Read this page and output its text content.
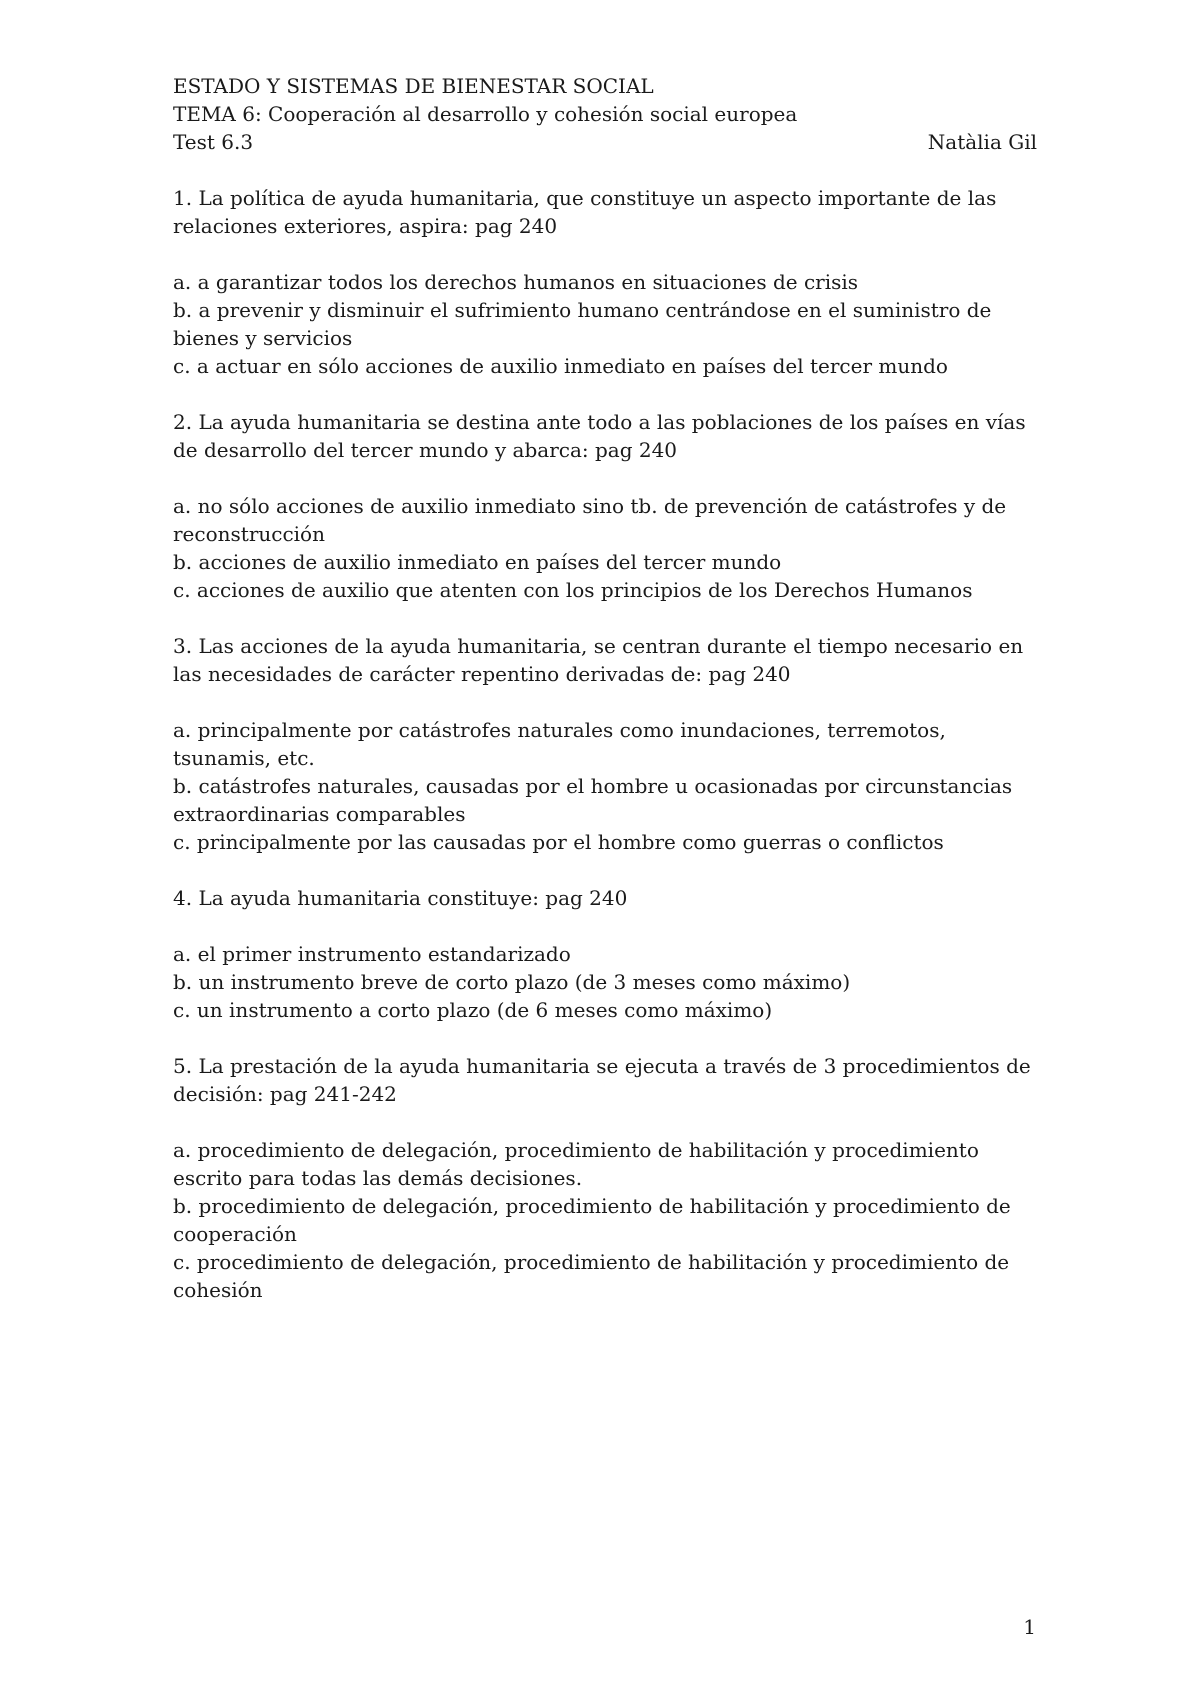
ESTADO Y SISTEMAS DE BIENESTAR SOCIAL

TEMA 6: Cooperación al desarrollo y cohesión social europea

Test 6.3	Natàlia Gil

1. La política de ayuda humanitaria, que constituye un aspecto importante de las relaciones exteriores, aspira: pag 240

a. a garantizar todos los derechos humanos en situaciones de crisis

b. a prevenir y disminuir el sufrimiento humano centrándose en el suministro de bienes y servicios

c. a actuar en sólo acciones de auxilio inmediato en países del tercer mundo

2. La ayuda humanitaria se destina ante todo a las poblaciones de los países en vías de desarrollo del tercer mundo y abarca: pag 240

a. no sólo acciones de auxilio inmediato sino tb. de prevención de catástrofes y de reconstrucción

b. acciones de auxilio inmediato en países del tercer mundo

c. acciones de auxilio que atenten con los principios de los Derechos Humanos

3. Las acciones de la ayuda humanitaria, se centran durante el tiempo necesario en las necesidades de carácter repentino derivadas de: pag 240

a. principalmente por catástrofes naturales como inundaciones, terremotos, tsunamis, etc.

b. catástrofes naturales, causadas por el hombre u ocasionadas por circunstancias extraordinarias comparables

c. principalmente por las causadas por el hombre como guerras o conflictos

4. La ayuda humanitaria constituye: pag 240

a. el primer instrumento estandarizado

b. un instrumento breve de corto plazo (de 3 meses como máximo)

c. un instrumento a corto plazo (de 6 meses como máximo)

5. La prestación de la ayuda humanitaria se ejecuta a través de 3 procedimientos de decisión: pag 241-242

a. procedimiento de delegación, procedimiento de habilitación y procedimiento escrito para todas las demás decisiones.

b. procedimiento de delegación, procedimiento de habilitación y procedimiento de cooperación

c. procedimiento de delegación, procedimiento de habilitación y procedimiento de cohesión

1
